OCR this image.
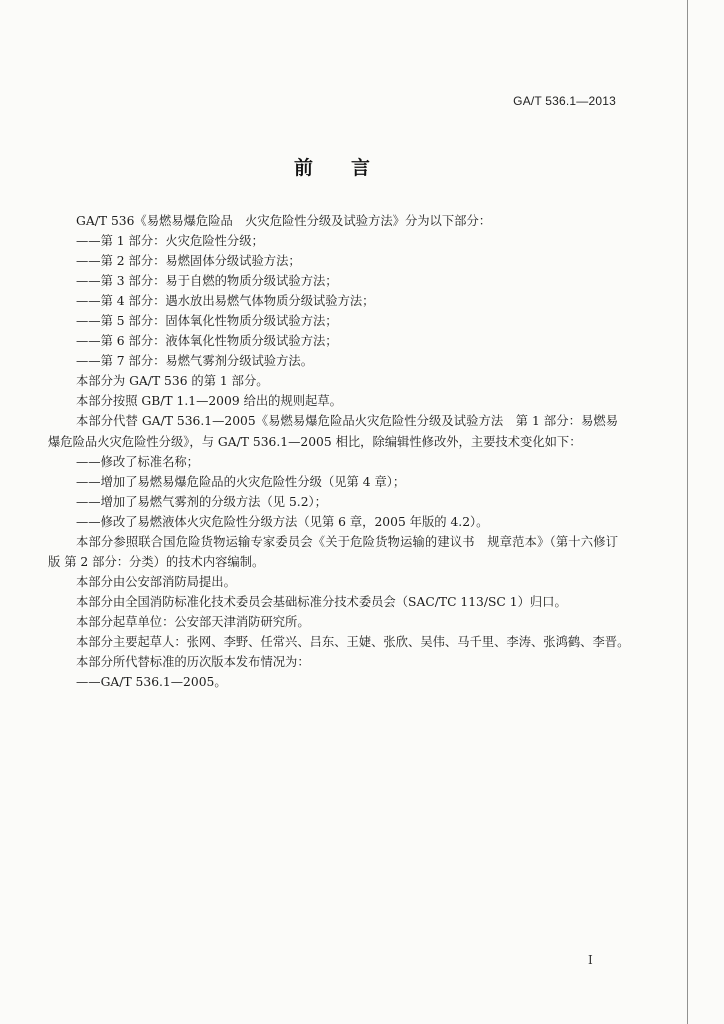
GA/T 536.1—2013
前言

GA/T 536《易燃易爆危险品　火灾危险性分级及试验方法》分为以下部分：

——第 1 部分：火灾危险性分级；

——第 2 部分：易燃固体分级试验方法；

——第 3 部分：易于自燃的物质分级试验方法；

——第 4 部分：遇水放出易燃气体物质分级试验方法；

——第 5 部分：固体氧化性物质分级试验方法；

——第 6 部分：液体氧化性物质分级试验方法；

——第 7 部分：易燃气雾剂分级试验方法。

本部分为 GA/T 536 的第 1 部分。

本部分按照 GB/T 1.1—2009 给出的规则起草。

本部分代替 GA/T 536.1—2005《易燃易爆危险品火灾危险性分级及试验方法　第 1 部分：易燃易爆危险品火灾危险性分级》，与 GA/T 536.1—2005 相比，除编辑性修改外，主要技术变化如下：

——修改了标准名称；

——增加了易燃易爆危险品的火灾危险性分级（见第 4 章）；

——增加了易燃气雾剂的分级方法（见 5.2）；

——修改了易燃液体火灾危险性分级方法（见第 6 章，2005 年版的 4.2）。

本部分参照联合国危险货物运输专家委员会《关于危险货物运输的建议书　规章范本》（第十六修订版 第 2 部分：分类）的技术内容编制。

本部分由公安部消防局提出。

本部分由全国消防标准化技术委员会基础标准分技术委员会（SAC/TC 113/SC 1）归口。

本部分起草单位：公安部天津消防研究所。

本部分主要起草人：张网、李野、任常兴、吕东、王婕、张欣、吴伟、马千里、李涛、张鸿鹤、李晋。

本部分所代替标准的历次版本发布情况为：

——GA/T 536.1—2005。

I
